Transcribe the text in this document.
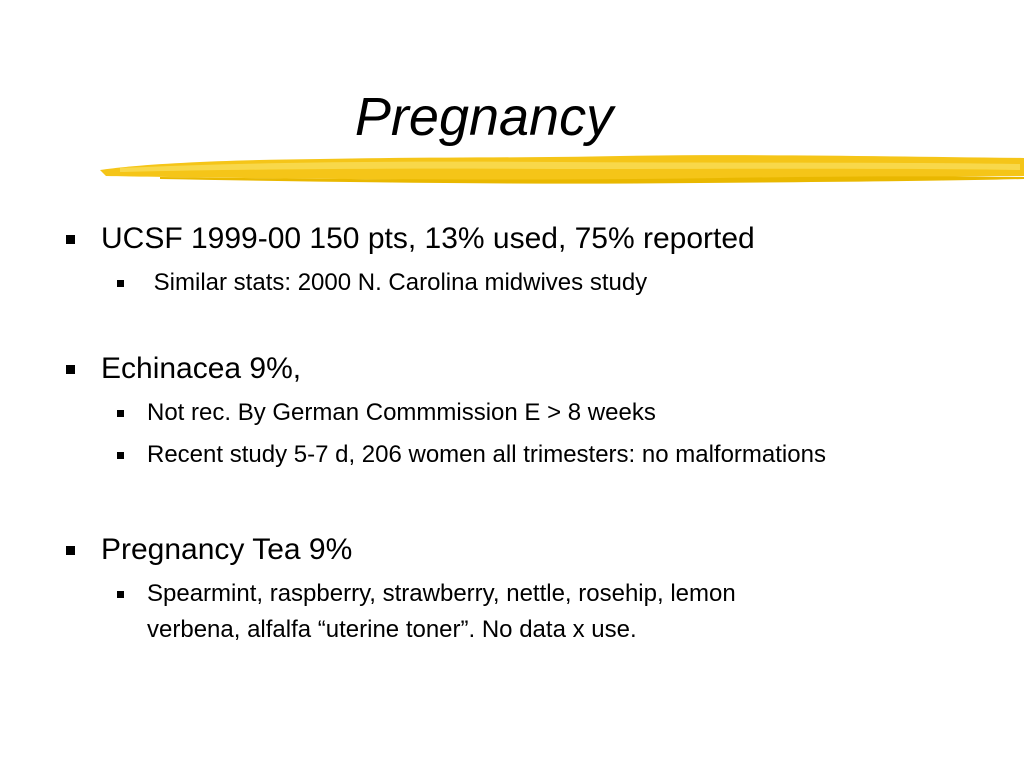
Pregnancy
UCSF 1999-00 150 pts, 13% used, 75% reported
Similar stats: 2000 N. Carolina midwives study
Echinacea 9%,
Not rec. By German Commmission E > 8 weeks
Recent study 5-7 d, 206 women all trimesters: no malformations
Pregnancy Tea 9%
Spearmint, raspberry, strawberry, nettle, rosehip, lemon
verbena, alfalfa “uterine toner”. No data x use.
